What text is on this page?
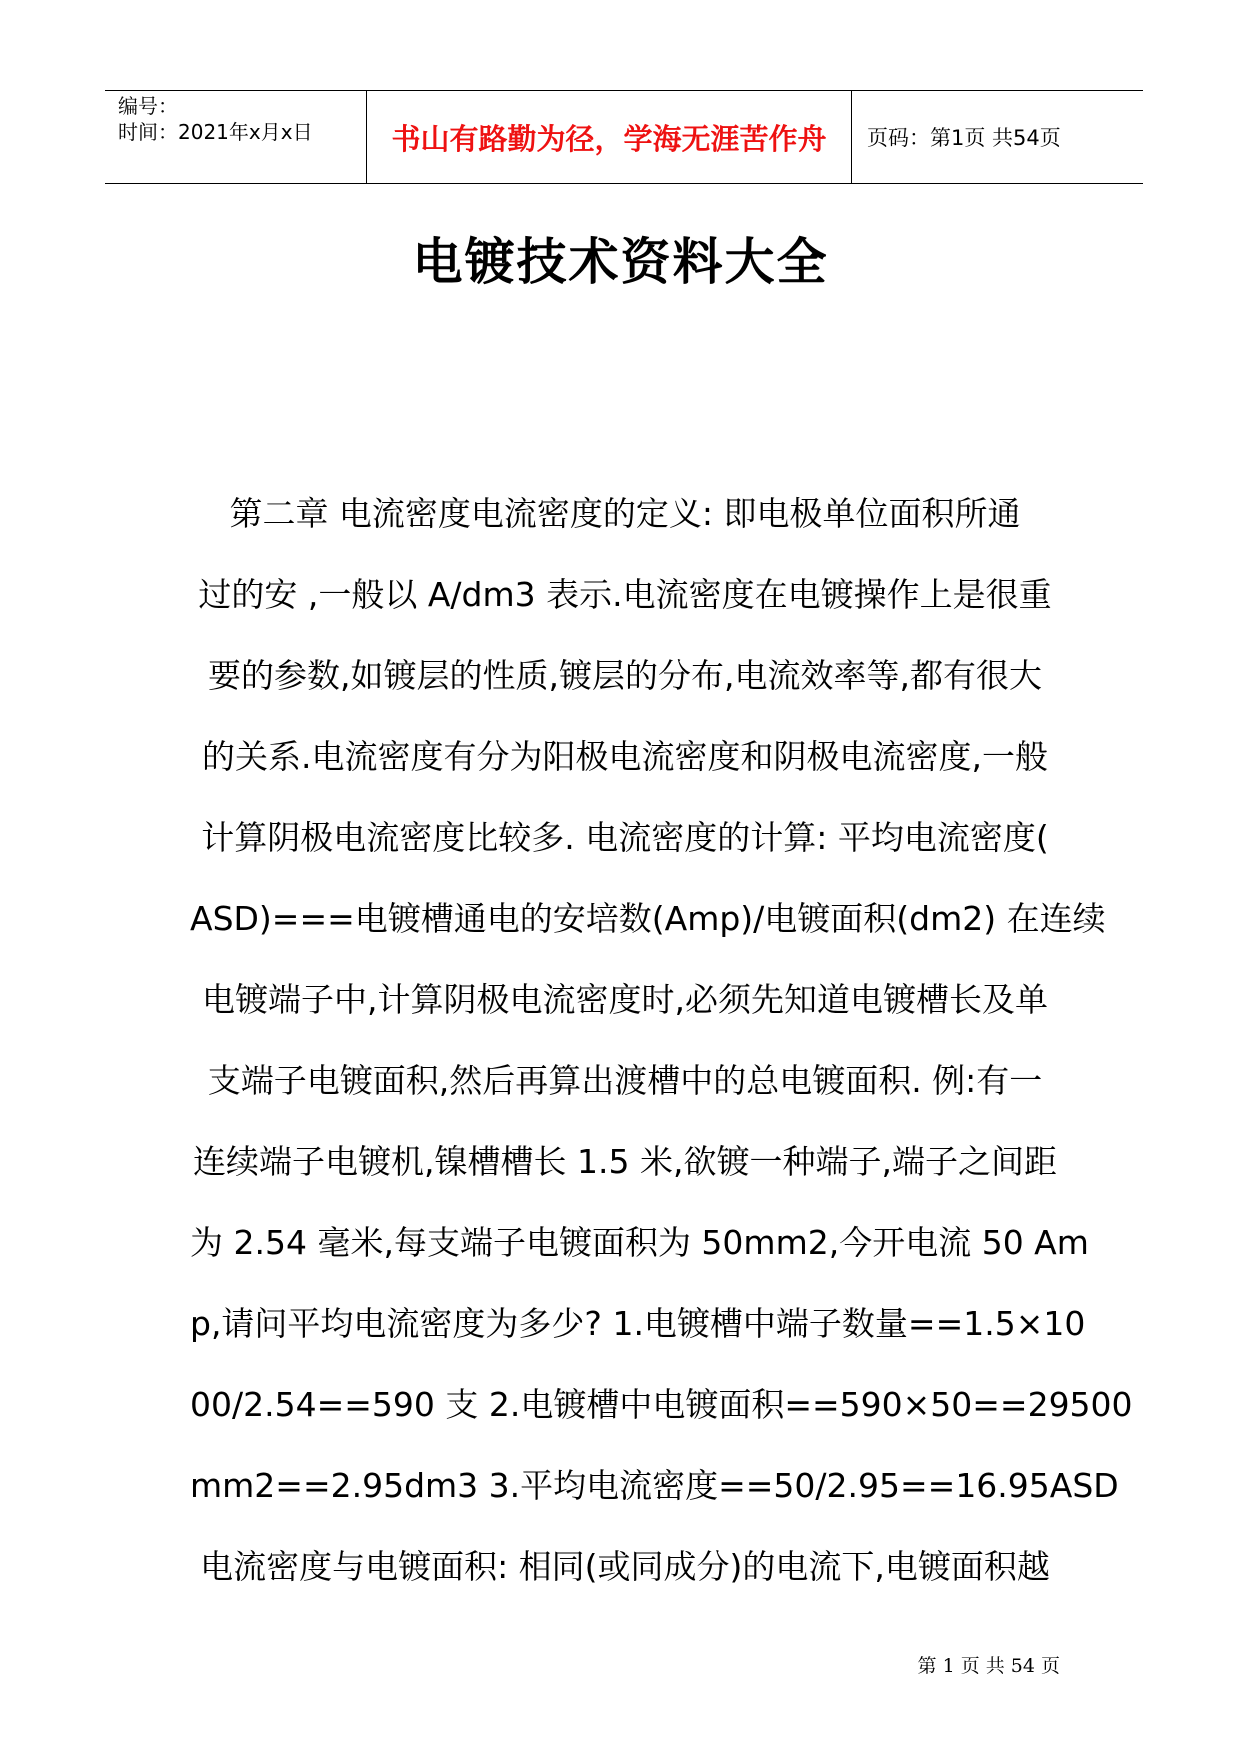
编号：
时间：2021年x月x日	书山有路勤为径，学海无涯苦作舟	页码：第1页 共54页
电镀技术资料大全
第二章 电流密度电流密度的定义: 即电极单位面积所通
过的安 ,一般以 A/dm3 表示.电流密度在电镀操作上是很重
要的参数,如镀层的性质,镀层的分布,电流效率等,都有很大
的关系.电流密度有分为阳极电流密度和阴极电流密度,一般
计算阴极电流密度比较多. 电流密度的计算: 平均电流密度(
ASD)===电镀槽通电的安培数(Amp)/电镀面积(dm2) 在连续
电镀端子中,计算阴极电流密度时,必须先知道电镀槽长及单
支端子电镀面积,然后再算出渡槽中的总电镀面积. 例:有一
连续端子电镀机,镍槽槽长 1.5 米,欲镀一种端子,端子之间距
为 2.54 毫米,每支端子电镀面积为 50mm2,今开电流 50 Am
p,请问平均电流密度为多少? 1.电镀槽中端子数量==1.5×10
00/2.54==590 支 2.电镀槽中电镀面积==590×50==29500
mm2==2.95dm3 3.平均电流密度==50/2.95==16.95ASD
电流密度与电镀面积: 相同(或同成分)的电流下,电镀面积越
第 1 页 共 54 页
